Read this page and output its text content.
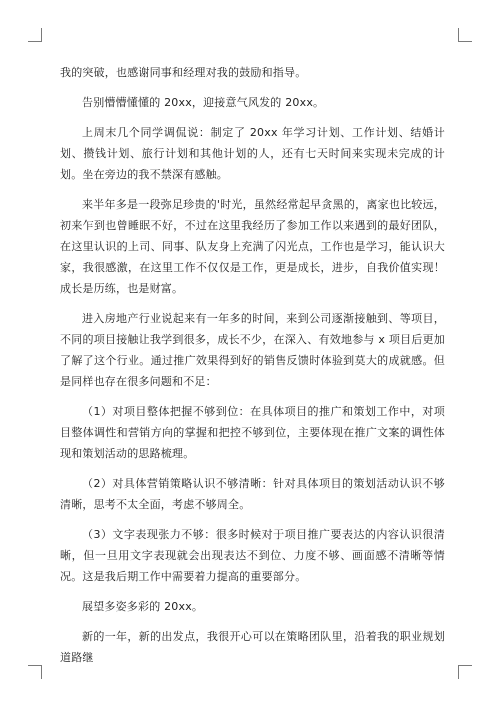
我的突破，也感谢同事和经理对我的鼓励和指导。

告别懵懵懂懂的 20xx，迎接意气风发的 20xx。

上周末几个同学调侃说：制定了 20xx 年学习计划、工作计划、结婚计划、攒钱计划、旅行计划和其他计划的人，还有七天时间来实现未完成的计划。坐在旁边的我不禁深有感触。

来半年多是一段弥足珍贵的'时光，虽然经常起早贪黑的，离家也比较远，初来乍到也曾睡眠不好，不过在这里我经历了参加工作以来遇到的最好团队，在这里认识的上司、同事、队友身上充满了闪光点，工作也是学习，能认识大家，我很感激，在这里工作不仅仅是工作，更是成长，进步，自我价值实现！成长是历练，也是财富。

进入房地产行业说起来有一年多的时间，来到公司逐渐接触到、等项目，不同的项目接触让我学到很多，成长不少，在深入、有效地参与 x 项目后更加了解了这个行业。通过推广效果得到好的销售反馈时体验到莫大的成就感。但是同样也存在很多问题和不足：

（1）对项目整体把握不够到位：在具体项目的推广和策划工作中，对项目整体调性和营销方向的掌握和把控不够到位，主要体现在推广文案的调性体现和策划活动的思路梳理。

（2）对具体营销策略认识不够清晰：针对具体项目的策划活动认识不够清晰，思考不太全面，考虑不够周全。

（3）文字表现张力不够：很多时候对于项目推广要表达的内容认识很清晰，但一旦用文字表现就会出现表达不到位、力度不够、画面感不清晰等情况。这是我后期工作中需要着力提高的重要部分。

展望多姿多彩的 20xx。

新的一年，新的出发点，我很开心可以在策略团队里，沿着我的职业规划道路继
